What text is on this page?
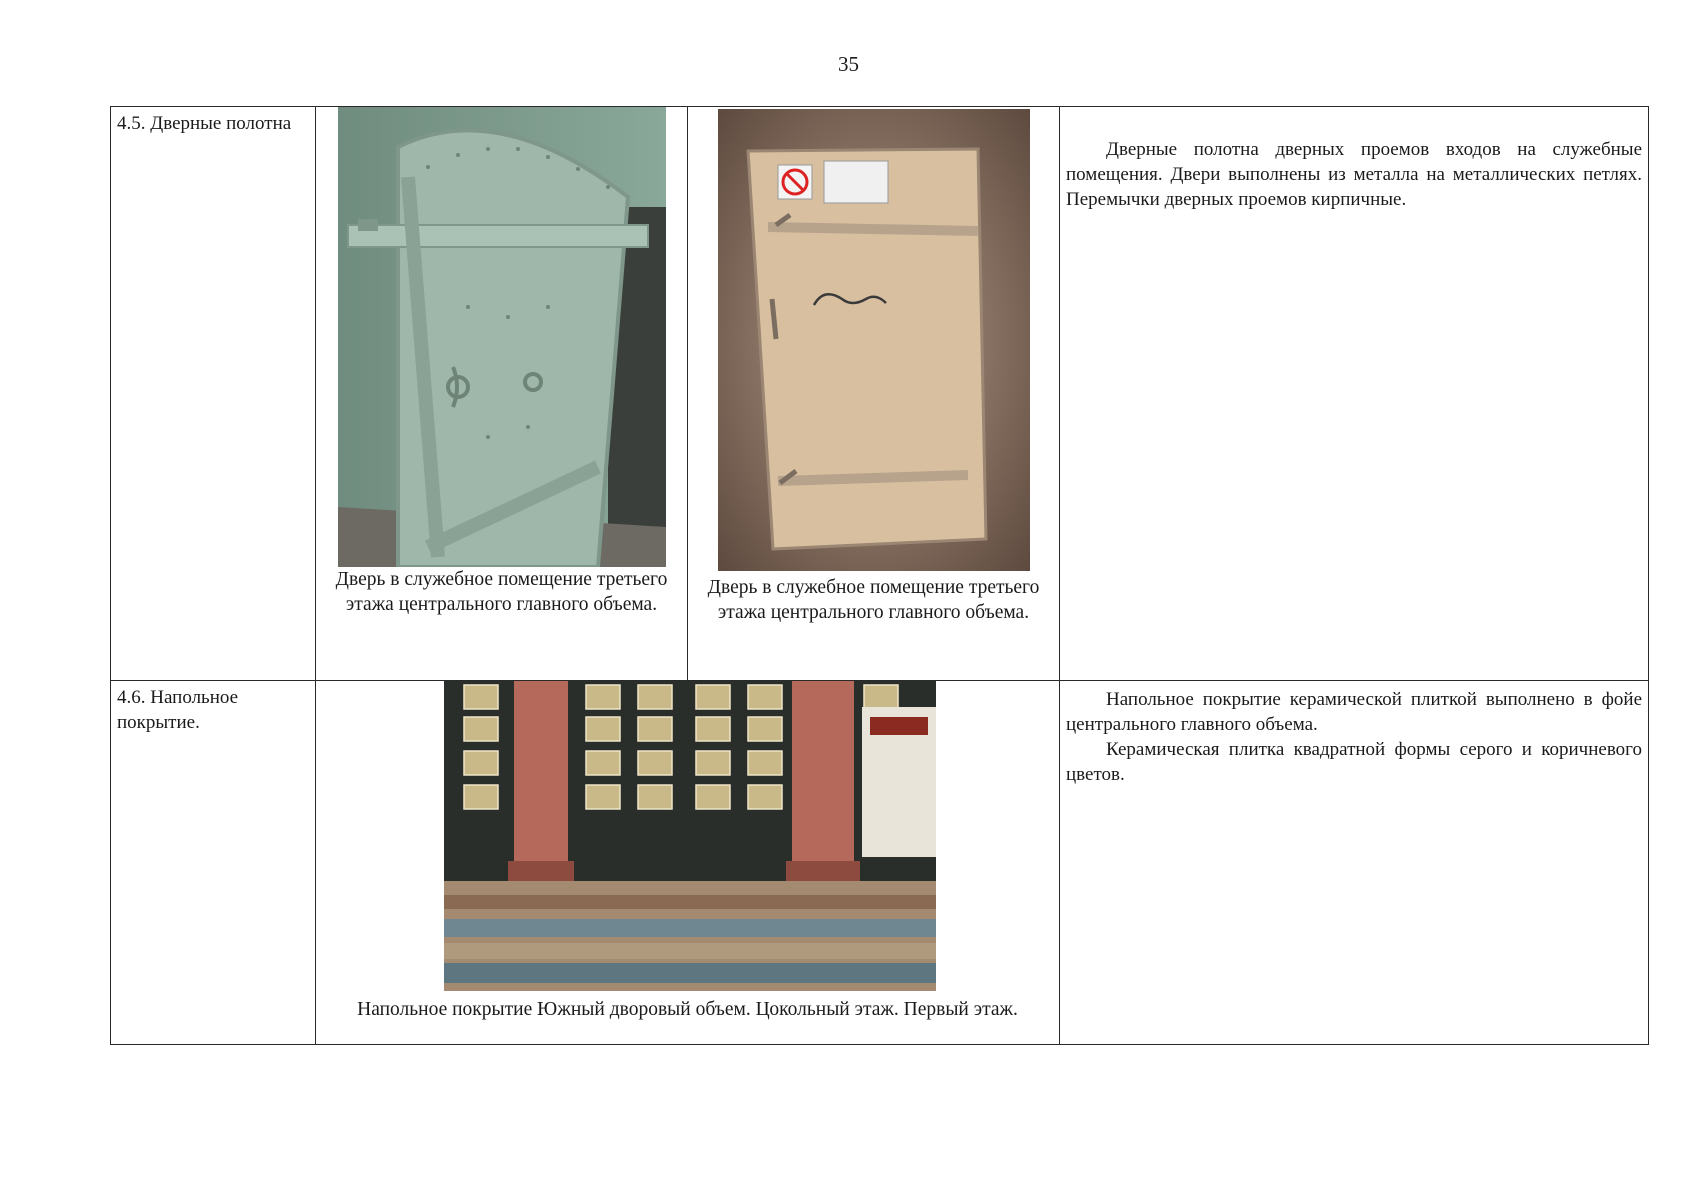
35
4.5. Дверные полотна	Дверь в служебное помещение третьего этажа центрального главного объема.	Дверь в служебное помещение третьего этажа центрального главного объема.	Дверные полотна дверных проемов входов на служебные помещения. Двери выполнены из металла на металлических петлях. Перемычки дверных проемов кирпичные.

4.6. Напольное покрытие.	Напольное покрытие Южный дворовый объем. Цокольный этаж. Первый этаж.		Напольное покрытие керамической плиткой выполнено в фойе центрального главного объема.

Керамическая плитка квадратной формы серого и коричневого цветов.
